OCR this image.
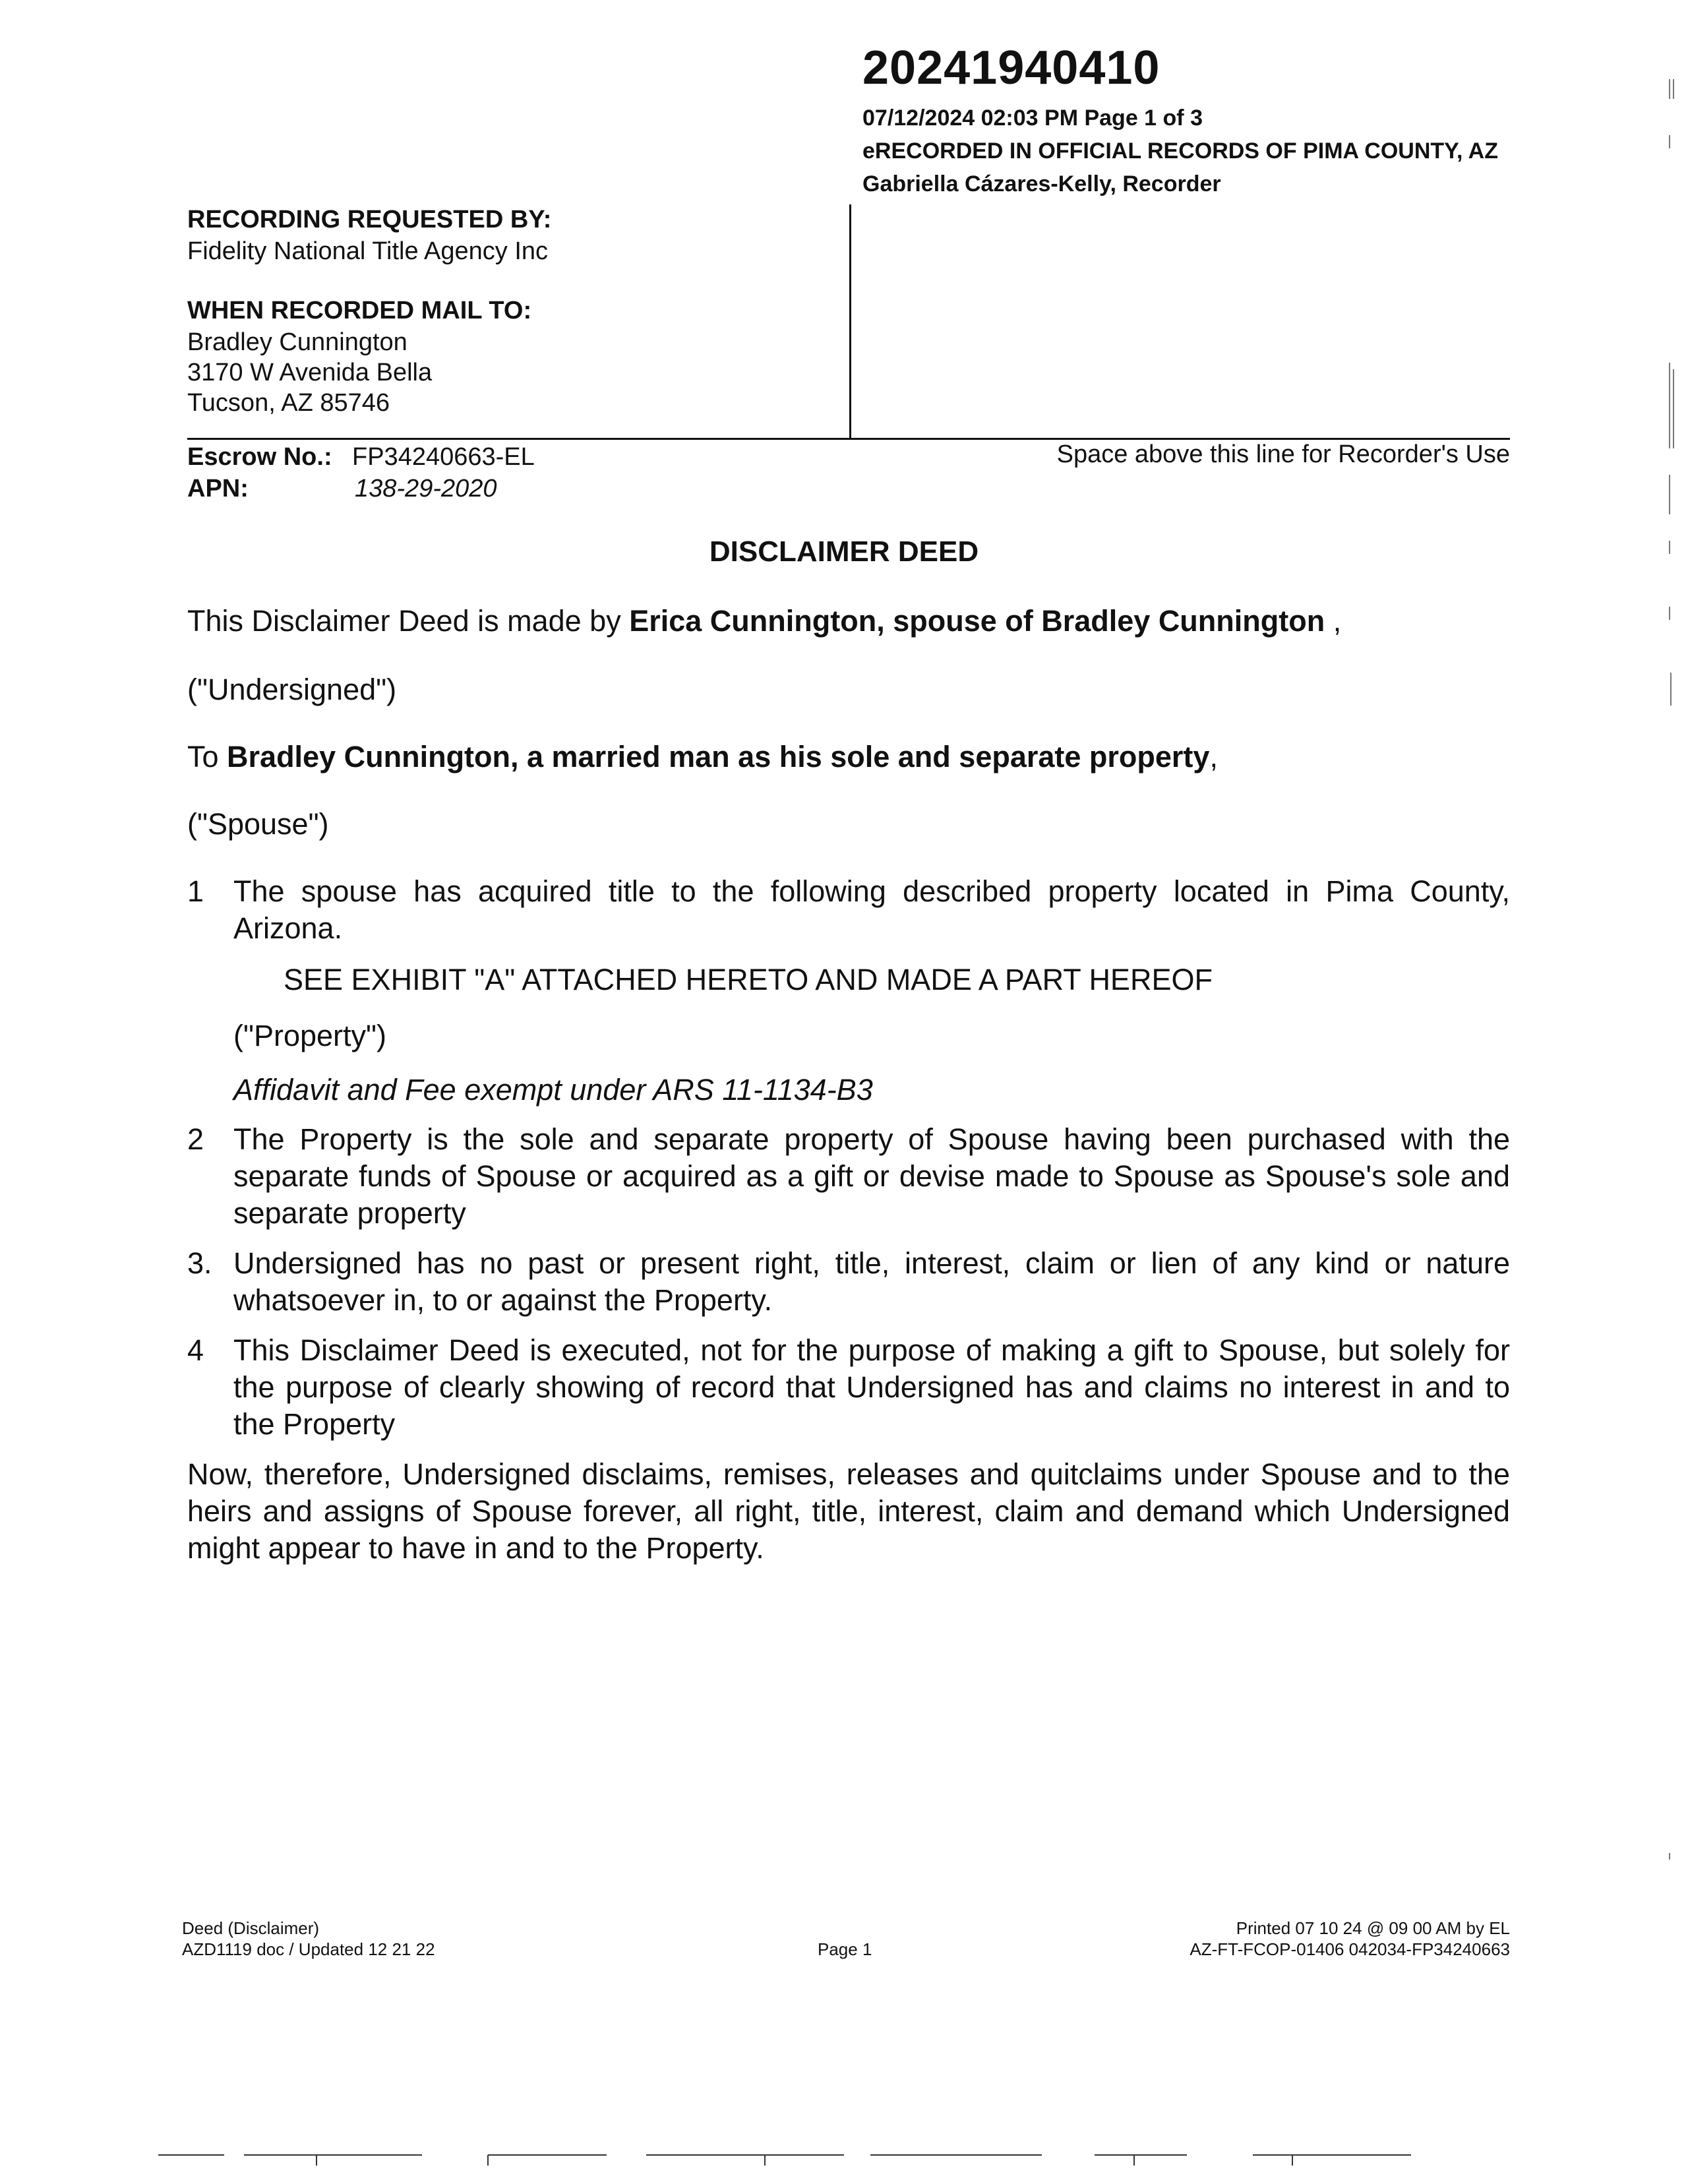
20241940410
07/12/2024 02:03 PM Page 1 of 3
eRECORDED IN OFFICIAL RECORDS OF PIMA COUNTY, AZ
Gabriella Cázares-Kelly, Recorder
RECORDING REQUESTED BY:
Fidelity National Title Agency Inc
WHEN RECORDED MAIL TO:
Bradley Cunnington
3170 W Avenida Bella
Tucson, AZ 85746
Escrow No.: FP34240663-EL
APN:	138-29-2020
Space above this line for Recorder's Use
DISCLAIMER DEED
This Disclaimer Deed is made by Erica Cunnington, spouse of Bradley Cunnington ,
("Undersigned")
To Bradley Cunnington, a married man as his sole and separate property,
("Spouse")
1 The spouse has acquired title to the following described property located in Pima County, Arizona.
SEE EXHIBIT "A" ATTACHED HERETO AND MADE A PART HEREOF
("Property")
Affidavit and Fee exempt under ARS 11-1134-B3
2 The Property is the sole and separate property of Spouse having been purchased with the separate funds of Spouse or acquired as a gift or devise made to Spouse as Spouse's sole and separate property
3. Undersigned has no past or present right, title, interest, claim or lien of any kind or nature whatsoever in, to or against the Property.
4 This Disclaimer Deed is executed, not for the purpose of making a gift to Spouse, but solely for the purpose of clearly showing of record that Undersigned has and claims no interest in and to the Property
Now, therefore, Undersigned disclaims, remises, releases and quitclaims under Spouse and to the heirs and assigns of Spouse forever, all right, title, interest, claim and demand which Undersigned might appear to have in and to the Property.
Deed (Disclaimer)
AZD1119 doc / Updated 12 21 22	Page 1
Printed 07 10 24 @ 09 00 AM by EL
AZ-FT-FCOP-01406 042034-FP34240663
